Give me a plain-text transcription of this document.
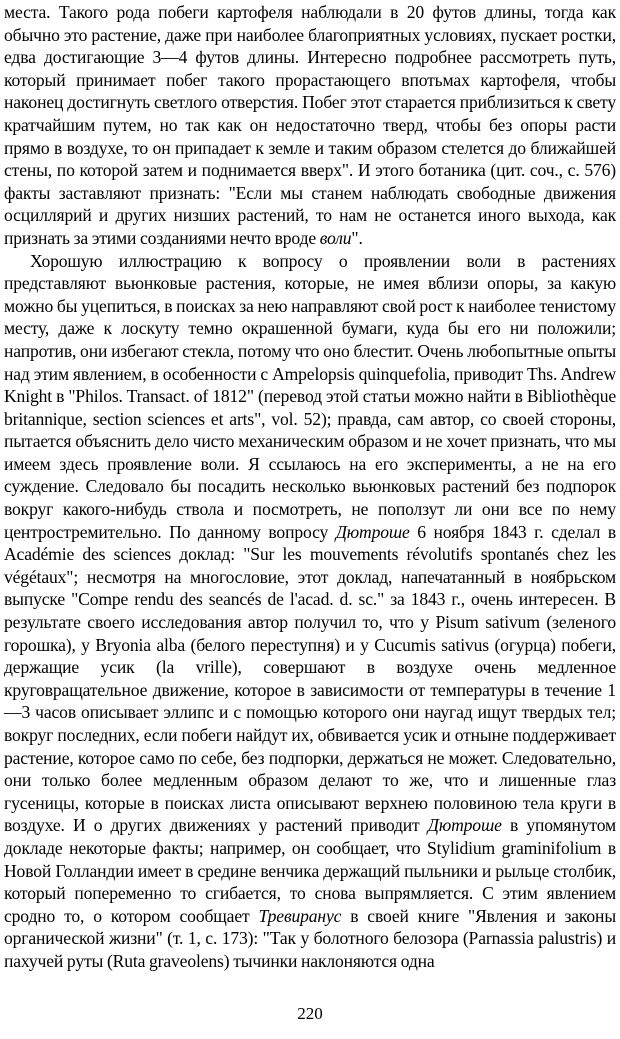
места. Такого рода побеги картофеля наблюдали в 20 футов длины, тогда как обычно это растение, даже при наиболее благоприятных условиях, пускает ростки, едва достигающие 3—4 футов длины. Интересно подробнее рассмотреть путь, который принимает побег такого прорастающего впотьмах картофеля, чтобы наконец достигнуть светлого отверстия. Побег этот старается приблизиться к свету кратчайшим путем, но так как он недостаточно тверд, чтобы без опоры расти прямо в воздухе, то он припадает к земле и таким образом стелется до ближайшей стены, по которой затем и поднимается вверх". И этого ботаника (цит. соч., с. 576) факты заставляют признать: "Если мы станем наблюдать свободные движения осциллярий и других низших растений, то нам не останется иного выхода, как признать за этими созданиями нечто вроде воли".

Хорошую иллюстрацию к вопросу о проявлении воли в растениях представляют вьюнковые растения, которые, не имея вблизи опоры, за какую можно бы уцепиться, в поисках за нею направляют свой рост к наиболее тенистому месту, даже к лоскуту темно окрашенной бумаги, куда бы его ни положили; напротив, они избегают стекла, потому что оно блестит. Очень любопытные опыты над этим явлением, в особенности с Ampelopsis quinquefolia, приводит Ths. Andrew Knight в "Philos. Transact. of 1812" (перевод этой статьи можно найти в Bibliothèque britannique, section sciences et arts", vol. 52); правда, сам автор, со своей стороны, пытается объяснить дело чисто механическим образом и не хочет признать, что мы имеем здесь проявление воли. Я ссылаюсь на его эксперименты, а не на его суждение. Следовало бы посадить несколько вьюнковых растений без подпорок вокруг какого-нибудь ствола и посмотреть, не поползут ли они все по нему центростремительно. По данному вопросу Дютроше 6 ноября 1843 г. сделал в Académie des sciences доклад: "Sur les mouvements révolutifs spontanés chez les végétaux"; несмотря на многословие, этот доклад, напечатанный в ноябрьском выпуске "Compe rendu des seancés de l'acad. d. sc." за 1843 г., очень интересен. В результате своего исследования автор получил то, что у Pisum sativum (зеленого горошка), у Bryonia alba (белого переступня) и у Cucumis sativus (огурца) побеги, держащие усик (la vrille), совершают в воздухе очень медленное круговращательное движение, которое в зависимости от температуры в течение 1—3 часов описывает эллипс и с помощью которого они наугад ищут твердых тел; вокруг последних, если побеги найдут их, обвивается усик и отныне поддерживает растение, которое само по себе, без подпорки, держаться не может. Следовательно, они только более медленным образом делают то же, что и лишенные глаз гусеницы, которые в поисках листа описывают верхнею половиною тела круги в воздухе. И о других движениях у растений приводит Дютроше в упомянутом докладе некоторые факты; например, он сообщает, что Stylidium graminifolium в Новой Голландии имеет в средине венчика держащий пыльники и рыльце столбик, который попеременно то сгибается, то снова выпрямляется. С этим явлением сродно то, о котором сообщает Тревиранус в своей книге "Явления и законы органической жизни" (т. 1, с. 173): "Так у болотного белозора (Parnassia palustris) и пахучей руты (Ruta graveolens) тычинки наклоняются одна

220
